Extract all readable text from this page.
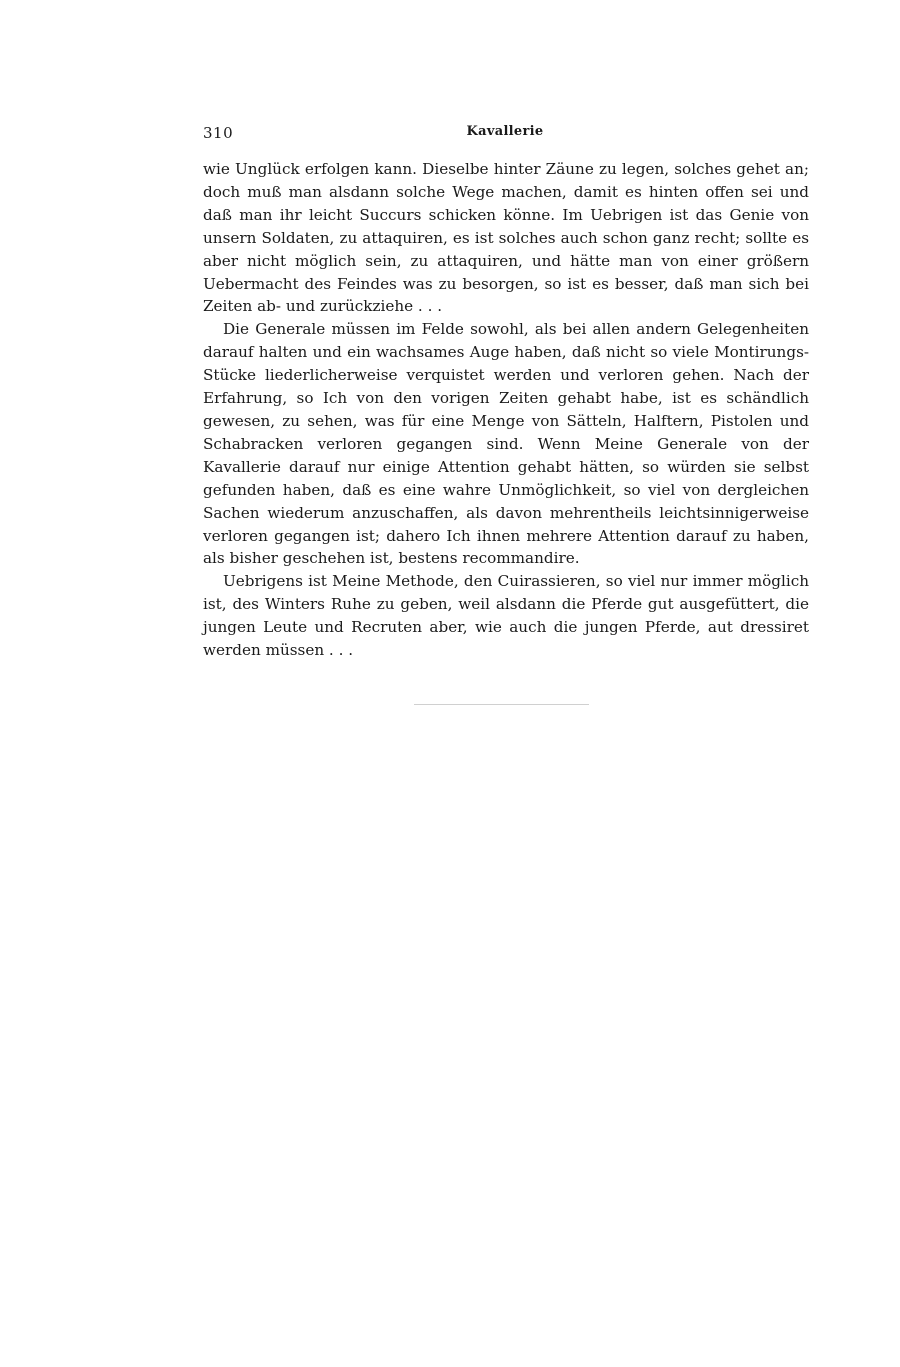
310	Kavallerie

wie Unglück erfolgen kann. Dieselbe hinter Zäune zu legen, solches gehet an; doch muß man alsdann solche Wege machen, damit es hinten offen sei und daß man ihr leicht Succurs schicken könne. Im Uebrigen ist das Genie von unsern Soldaten, zu attaquiren, es ist solches auch schon ganz recht; sollte es aber nicht möglich sein, zu attaquiren, und hätte man von einer größern Uebermacht des Feindes was zu besorgen, so ist es besser, daß man sich bei Zeiten ab- und zurückziehe . . .

Die Generale müssen im Felde sowohl, als bei allen andern Gelegenheiten darauf halten und ein wachsames Auge haben, daß nicht so viele Montirungs-Stücke liederlicherweise verquistet werden und verloren gehen. Nach der Erfahrung, so Ich von den vorigen Zeiten gehabt habe, ist es schändlich gewesen, zu sehen, was für eine Menge von Sätteln, Halftern, Pistolen und Schabracken verloren gegangen sind. Wenn Meine Generale von der Kavallerie darauf nur einige Attention gehabt hätten, so würden sie selbst gefunden haben, daß es eine wahre Unmöglichkeit, so viel von dergleichen Sachen wiederum anzuschaffen, als davon mehrentheils leichtsinnigerweise verloren gegangen ist; dahero Ich ihnen mehrere Attention darauf zu haben, als bisher geschehen ist, bestens recommandire.

Uebrigens ist Meine Methode, den Cuirassieren, so viel nur immer möglich ist, des Winters Ruhe zu geben, weil alsdann die Pferde gut ausgefüttert, die jungen Leute und Recruten aber, wie auch die jungen Pferde, aut dressiret werden müssen . . .
